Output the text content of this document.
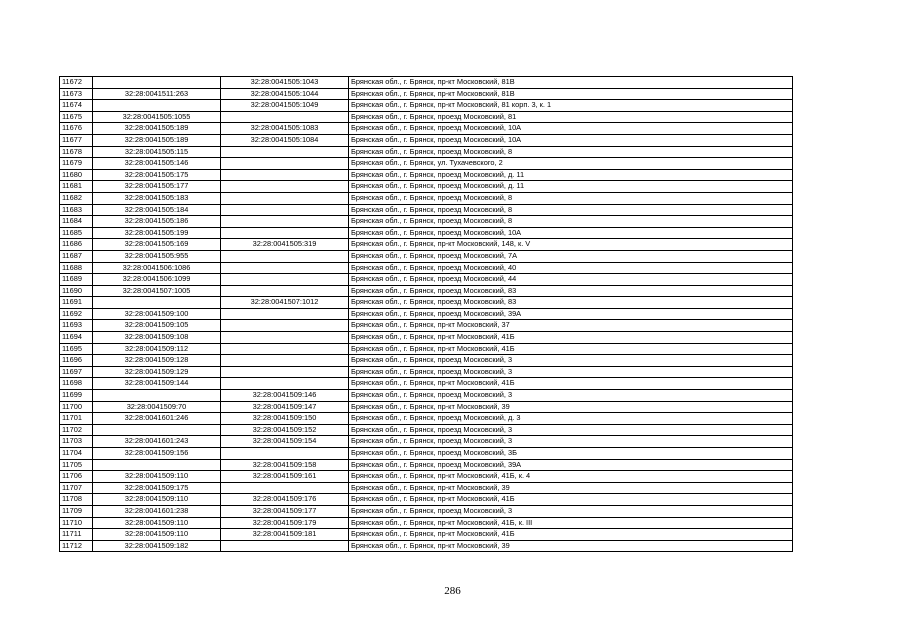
11672		32:28:0041505:1043	Брянская обл., г. Брянск, пр-кт Московский, 81В
11673	32:28:0041511:263	32:28:0041505:1044	Брянская обл., г. Брянск, пр-кт Московский, 81В
11674		32:28:0041505:1049	Брянская обл., г. Брянск, пр-кт Московский, 81 корп. 3, к. 1
11675	32:28:0041505:1055		Брянская обл., г. Брянск, проезд Московский, 81
11676	32:28:0041505:189	32:28:0041505:1083	Брянская обл., г. Брянск, проезд Московский, 10А
11677	32:28:0041505:189	32:28:0041505:1084	Брянская обл., г. Брянск, проезд Московский, 10А
11678	32:28:0041505:115		Брянская обл., г. Брянск, проезд Московский, 8
11679	32:28:0041505:146		Брянская обл., г. Брянск, ул. Тухачевского, 2
11680	32:28:0041505:175		Брянская обл., г. Брянск, проезд Московский, д. 11
11681	32:28:0041505:177		Брянская обл., г. Брянск, проезд Московский, д. 11
11682	32:28:0041505:183		Брянская обл., г. Брянск, проезд Московский, 8
11683	32:28:0041505:184		Брянская обл., г. Брянск, проезд Московский, 8
11684	32:28:0041505:186		Брянская обл., г. Брянск, проезд Московский, 8
11685	32:28:0041505:199		Брянская обл., г. Брянск, проезд Московский, 10А
11686	32:28:0041505:169	32:28:0041505:319	Брянская обл., г. Брянск, пр-кт Московский, 148, к. V
11687	32:28:0041505:955		Брянская обл., г. Брянск, проезд Московский, 7А
11688	32:28:0041506:1086		Брянская обл., г. Брянск, проезд Московский, 40
11689	32:28:0041506:1099		Брянская обл., г. Брянск, проезд Московский, 44
11690	32:28:0041507:1005		Брянская обл., г. Брянск, проезд Московский, 83
11691		32:28:0041507:1012	Брянская обл., г. Брянск, проезд Московский, 83
11692	32:28:0041509:100		Брянская обл., г. Брянск, проезд Московский, 39А
11693	32:28:0041509:105		Брянская обл., г. Брянск, пр-кт Московский, 37
11694	32:28:0041509:108		Брянская обл., г. Брянск, пр-кт Московский, 41Б
11695	32:28:0041509:112		Брянская обл., г. Брянск, пр-кт Московский, 41Б
11696	32:28:0041509:128		Брянская обл., г. Брянск, проезд Московский, 3
11697	32:28:0041509:129		Брянская обл., г. Брянск, проезд Московский, 3
11698	32:28:0041509:144		Брянская обл., г. Брянск, пр-кт Московский, 41Б
11699		32:28:0041509:146	Брянская обл., г. Брянск, проезд Московский, 3
11700	32:28:0041509:70	32:28:0041509:147	Брянская обл., г. Брянск, пр-кт Московский, 39
11701	32:28:0041601:246	32:28:0041509:150	Брянская обл., г. Брянск, проезд Московский, д. 3
11702		32:28:0041509:152	Брянская обл., г. Брянск, проезд Московский, 3
11703	32:28:0041601:243	32:28:0041509:154	Брянская обл., г. Брянск, проезд Московский, 3
11704	32:28:0041509:156		Брянская обл., г. Брянск, проезд Московский, 3Б
11705		32:28:0041509:158	Брянская обл., г. Брянск, проезд Московский, 39А
11706	32:28:0041509:110	32:28:0041509:161	Брянская обл., г. Брянск, пр-кт Московский, 41Б, к. 4
11707	32:28:0041509:175		Брянская обл., г. Брянск, пр-кт Московский, 39
11708	32:28:0041509:110	32:28:0041509:176	Брянская обл., г. Брянск, пр-кт Московский, 41Б
11709	32:28:0041601:238	32:28:0041509:177	Брянская обл., г. Брянск, проезд Московский, 3
11710	32:28:0041509:110	32:28:0041509:179	Брянская обл., г. Брянск, пр-кт Московский, 41Б, к. III
11711	32:28:0041509:110	32:28:0041509:181	Брянская обл., г. Брянск, пр-кт Московский, 41Б
11712	32:28:0041509:182		Брянская обл., г. Брянск, пр-кт Московский, 39
286
